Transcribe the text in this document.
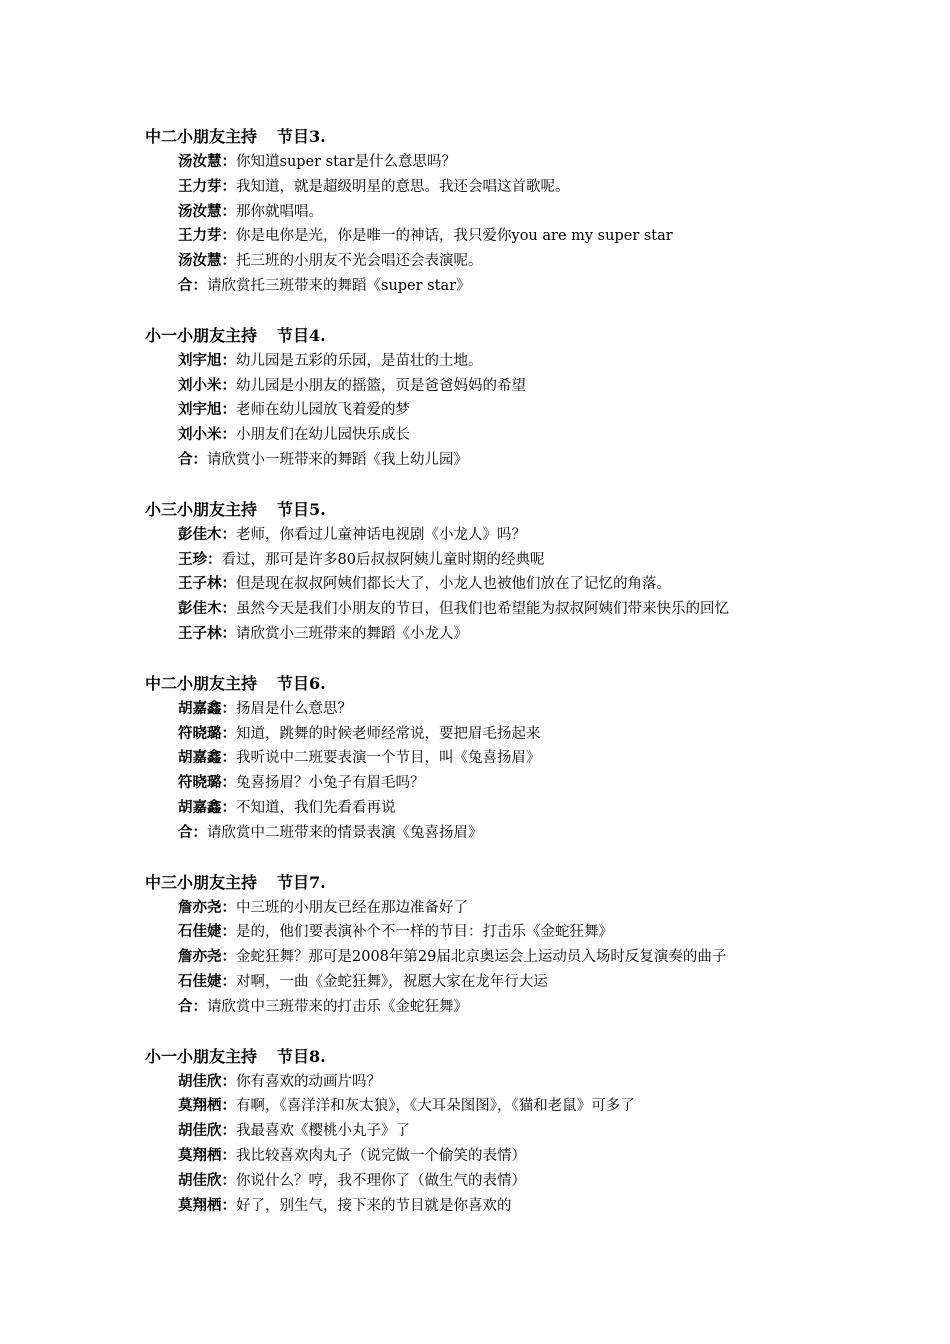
中二小朋友主持 节目3.
汤汝慧：你知道super star是什么意思吗？
王力芽：我知道，就是超级明星的意思。我还会唱这首歌呢。
汤汝慧：那你就唱唱。
王力芽：你是电你是光，你是唯一的神话，我只爱你you are my super star
汤汝慧：托三班的小朋友不光会唱还会表演呢。
合：请欣赏托三班带来的舞蹈《super star》
小一小朋友主持 节目4.
刘宇旭：幼儿园是五彩的乐园，是苗壮的土地。
刘小米：幼儿园是小朋友的摇篮，页是爸爸妈妈的希望
刘宇旭：老师在幼儿园放飞着爱的梦
刘小米：小朋友们在幼儿园快乐成长
合：请欣赏小一班带来的舞蹈《我上幼儿园》
小三小朋友主持 节目5.
彭佳木：老师，你看过儿童神话电视剧《小龙人》吗？
王珍：看过，那可是许多80后叔叔阿姨儿童时期的经典呢
王子林：但是现在叔叔阿姨们都长大了，小龙人也被他们放在了记忆的角落。
彭佳木：虽然今天是我们小朋友的节日，但我们也希望能为叔叔阿姨们带来快乐的回忆
王子林：请欣赏小三班带来的舞蹈《小龙人》
中二小朋友主持 节目6.
胡嘉鑫：扬眉是什么意思？
符晓璐：知道，跳舞的时候老师经常说，要把眉毛扬起来
胡嘉鑫：我听说中二班要表演一个节目，叫《兔喜扬眉》
符晓璐：兔喜扬眉？小兔子有眉毛吗？
胡嘉鑫：不知道，我们先看看再说
合：请欣赏中二班带来的情景表演《兔喜扬眉》
中三小朋友主持 节目7.
詹亦尧：中三班的小朋友已经在那边准备好了
石佳婕：是的，他们要表演补个不一样的节目：打击乐《金蛇狂舞》
詹亦尧：金蛇狂舞？那可是2008年第29届北京奥运会上运动员入场时反复演奏的曲子
石佳婕：对啊，一曲《金蛇狂舞》，祝愿大家在龙年行大运
合：请欣赏中三班带来的打击乐《金蛇狂舞》
小一小朋友主持 节目8.
胡佳欣：你有喜欢的动画片吗？
莫翔栖：有啊，《喜洋洋和灰太狼》，《大耳朵图图》，《猫和老鼠》可多了
胡佳欣：我最喜欢《樱桃小丸子》了
莫翔栖：我比较喜欢肉丸子（说完做一个偷笑的表情）
胡佳欣：你说什么？哼，我不理你了（做生气的表情）
莫翔栖：好了，别生气，接下来的节目就是你喜欢的
